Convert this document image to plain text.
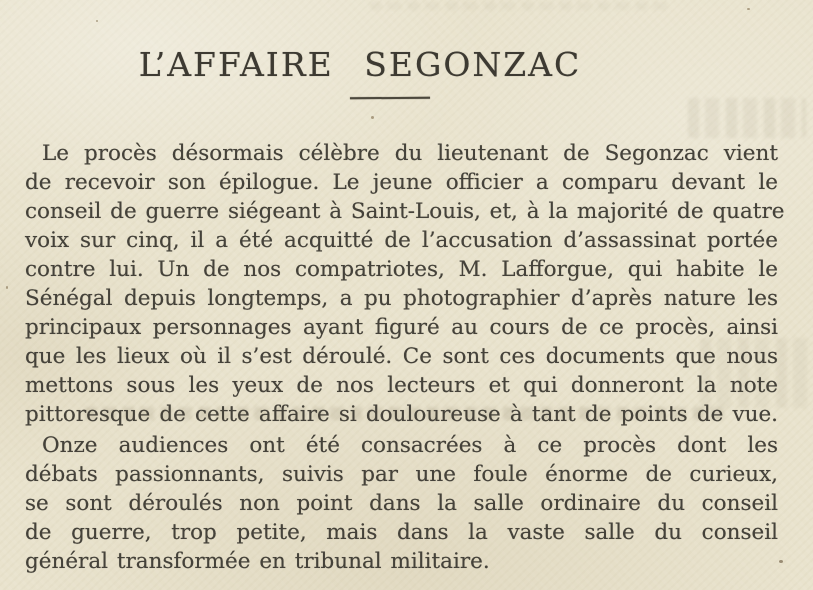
L’AFFAIRE SEGONZAC
Le procès désormais célèbre du lieutenant de Segonzac vient
de recevoir son épilogue. Le jeune officier a comparu devant le
conseil de guerre siégeant à Saint-Louis, et, à la majorité de quatre
voix sur cinq, il a été acquitté de l’accusation d’assassinat portée
contre lui. Un de nos compatriotes, M. Lafforgue, qui habite le
Sénégal depuis longtemps, a pu photographier d’après nature les
principaux personnages ayant figuré au cours de ce procès, ainsi
que les lieux où il s’est déroulé. Ce sont ces documents que nous
mettons sous les yeux de nos lecteurs et qui donneront la note
pittoresque de cette affaire si douloureuse à tant de points de vue.
Onze audiences ont été consacrées à ce procès dont les
débats passionnants, suivis par une foule énorme de curieux,
se sont déroulés non point dans la salle ordinaire du conseil
de guerre, trop petite, mais dans la vaste salle du conseil
général transformée en tribunal militaire.
